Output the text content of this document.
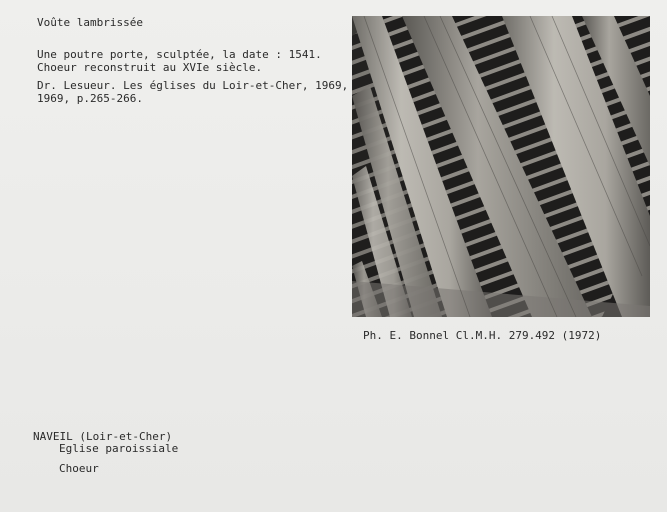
Voûte lambrissée
Une poutre porte, sculptée, la date : 1541.
Choeur reconstruit au XVIe siècle.
Dr. Lesueur. Les églises du Loir-et-Cher, 1969,
1969, p.265-266.
Ph. E. Bonnel Cl.M.H. 279.492 (1972)
NAVEIL (Loir-et-Cher)
Eglise paroissiale
Choeur
